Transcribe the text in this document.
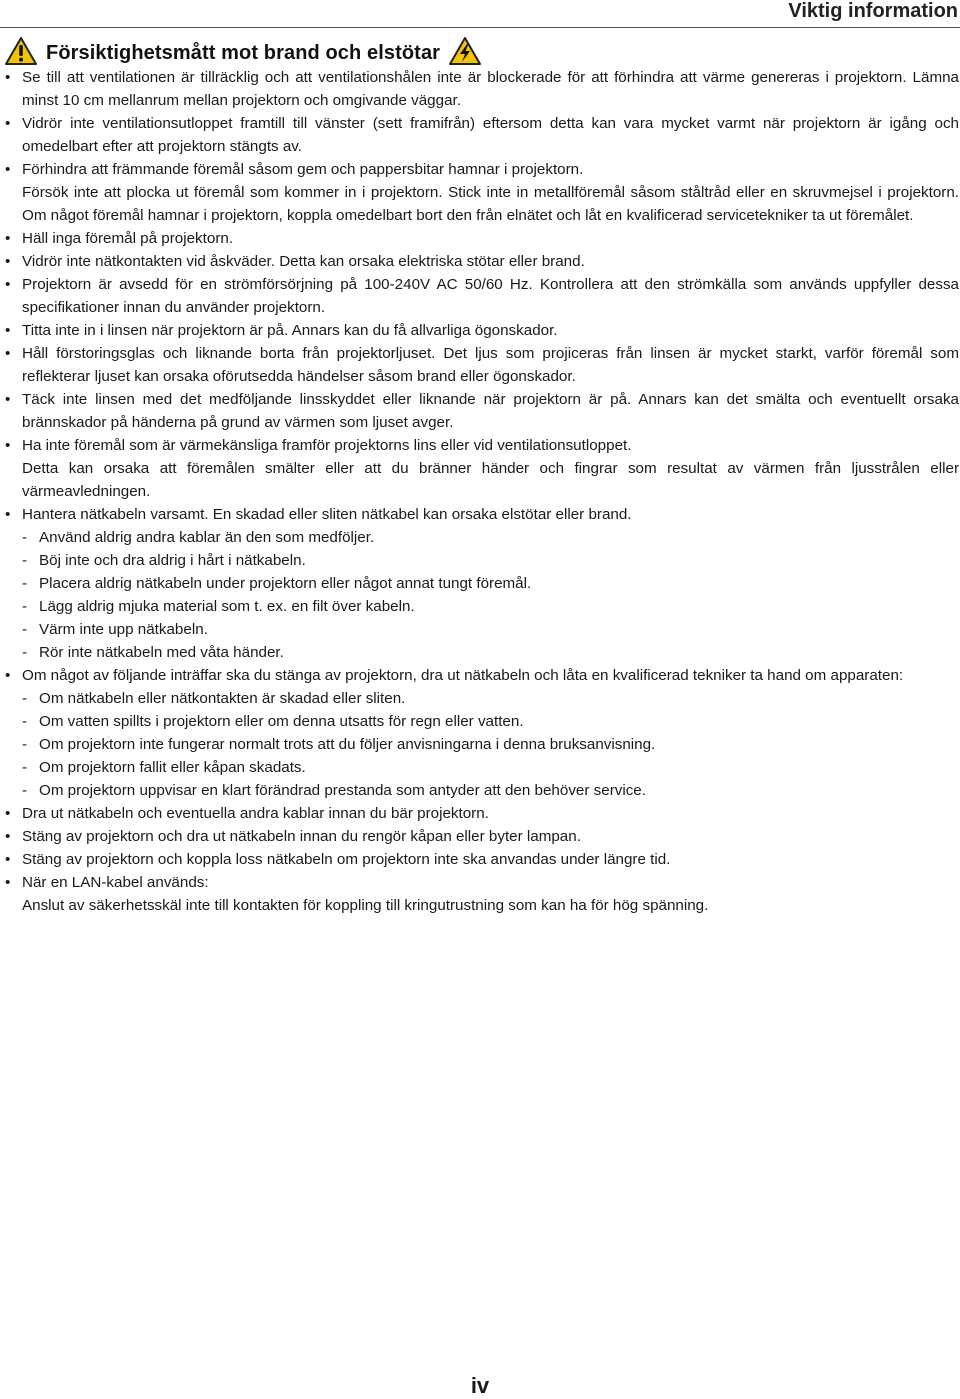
Viktig information
Försiktighetsmått mot brand och elstötar
• Se till att ventilationen är tillräcklig och att ventilationshålen inte är blockerade för att förhindra att värme genereras i projektorn. Lämna minst 10 cm mellanrum mellan projektorn och omgivande väggar.
• Vidrör inte ventilationsutloppet framtill till vänster (sett framifrån) eftersom detta kan vara mycket varmt när projektorn är igång och omedelbart efter att projektorn stängts av.
• Förhindra att främmande föremål såsom gem och pappersbitar hamnar i projektorn.
Försök inte att plocka ut föremål som kommer in i projektorn. Stick inte in metallföremål såsom ståltråd eller en skruvmejsel i projektorn. Om något föremål hamnar i projektorn, koppla omedelbart bort den från elnätet och låt en kvalificerad servicetekniker ta ut föremålet.
• Häll inga föremål på projektorn.
• Vidrör inte nätkontakten vid åskväder. Detta kan orsaka elektriska stötar eller brand.
• Projektorn är avsedd för en strömförsörjning på 100-240V AC 50/60 Hz. Kontrollera att den strömkälla som används uppfyller dessa specifikationer innan du använder projektorn.
• Titta inte in i linsen när projektorn är på. Annars kan du få allvarliga ögonskador.
• Håll förstoringsglas och liknande borta från projektorljuset. Det ljus som projiceras från linsen är mycket starkt, varför föremål som reflekterar ljuset kan orsaka oförutsedda händelser såsom brand eller ögonskador.
• Täck inte linsen med det medföljande linsskyddet eller liknande när projektorn är på. Annars kan det smälta och eventuellt orsaka brännskador på händerna på grund av värmen som ljuset avger.
• Ha inte föremål som är värmekänsliga framför projektorns lins eller vid ventilationsutloppet.
Detta kan orsaka att föremålen smälter eller att du bränner händer och fingrar som resultat av värmen från ljusstrålen eller värmeavledningen.
• Hantera nätkabeln varsamt. En skadad eller sliten nätkabel kan orsaka elstötar eller brand.
- Använd aldrig andra kablar än den som medföljer.
- Böj inte och dra aldrig i hårt i nätkabeln.
- Placera aldrig nätkabeln under projektorn eller något annat tungt föremål.
- Lägg aldrig mjuka material som t. ex. en filt över kabeln.
- Värm inte upp nätkabeln.
- Rör inte nätkabeln med våta händer.
• Om något av följande inträffar ska du stänga av projektorn, dra ut nätkabeln och låta en kvalificerad tekniker ta hand om apparaten:
- Om nätkabeln eller nätkontakten är skadad eller sliten.
- Om vatten spillts i projektorn eller om denna utsatts för regn eller vatten.
- Om projektorn inte fungerar normalt trots att du följer anvisningarna i denna bruksanvisning.
- Om projektorn fallit eller kåpan skadats.
- Om projektorn uppvisar en klart förändrad prestanda som antyder att den behöver service.
• Dra ut nätkabeln och eventuella andra kablar innan du bär projektorn.
• Stäng av projektorn och dra ut nätkabeln innan du rengör kåpan eller byter lampan.
• Stäng av projektorn och koppla loss nätkabeln om projektorn inte ska anvandas under längre tid.
• När en LAN-kabel används:
Anslut av säkerhetsskäl inte till kontakten för koppling till kringutrustning som kan ha för hög spänning.
iv
